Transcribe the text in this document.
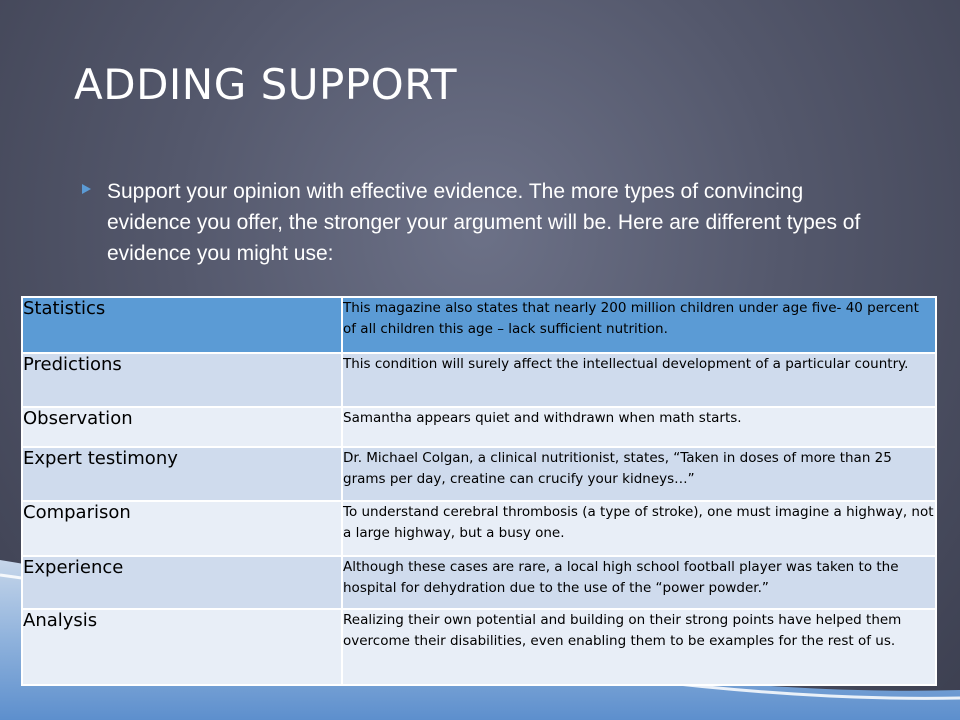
ADDING SUPPORT
Support your opinion with effective evidence. The more types of convincing evidence you offer, the stronger your argument will be. Here are different types of evidence you might use:
Statistics	This magazine also states that nearly 200 million children under age five- 40 percent of all children this age – lack sufficient nutrition.
Predictions	This condition will surely affect the intellectual development of a particular country.
Observation	Samantha appears quiet and withdrawn when math starts.
Expert testimony	Dr. Michael Colgan, a clinical nutritionist, states, “Taken in doses of more than 25 grams per day, creatine can crucify your kidneys…”
Comparison	To understand cerebral thrombosis (a type of stroke), one must imagine a highway, not a large highway, but a busy one.
Experience	Although these cases are rare, a local high school football player was taken to the hospital for dehydration due to the use of the “power powder.”
Analysis	Realizing their own potential and building on their strong points have helped them overcome their disabilities, even enabling them to be examples for the rest of us.
